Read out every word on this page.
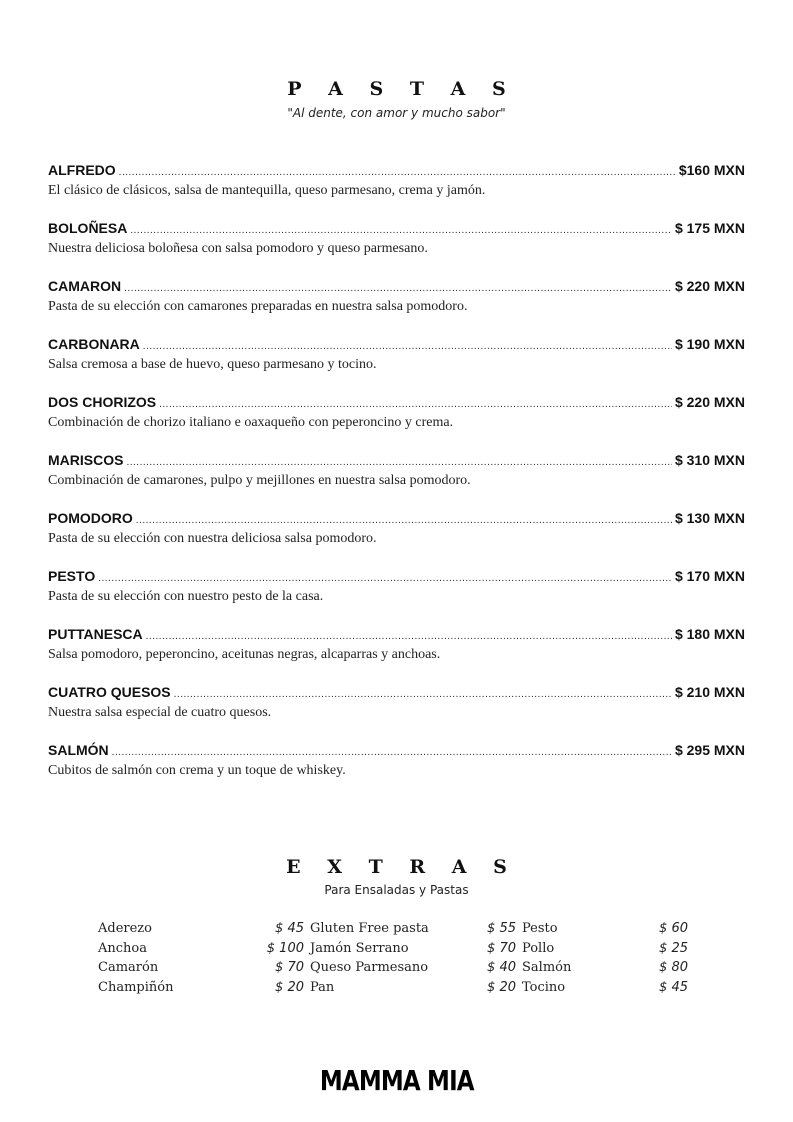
P A S T A S
"Al dente, con amor y mucho sabor"
ALFREDO .....	$160 MXN
El clásico de clásicos, salsa de mantequilla, queso parmesano, crema y jamón.
BOLOÑESA .....	$ 175 MXN
Nuestra deliciosa boloñesa con salsa pomodoro y queso parmesano.
CAMARON .....	$ 220 MXN
Pasta de su elección con camarones preparadas en nuestra salsa pomodoro.
CARBONARA .....	$ 190 MXN
Salsa cremosa a base de huevo, queso parmesano y tocino.
DOS CHORIZOS .....	$ 220 MXN
Combinación de chorizo italiano e oaxaqueño con peperoncino y crema.
MARISCOS .....	$ 310 MXN
Combinación de camarones, pulpo y mejillones en nuestra salsa pomodoro.
POMODORO .....	$ 130 MXN
Pasta de su elección con nuestra deliciosa salsa pomodoro.
PESTO .....	$ 170 MXN
Pasta de su elección con nuestro pesto de la casa.
PUTTANESCA .....	$ 180 MXN
Salsa pomodoro, peperoncino, aceitunas negras, alcaparras y anchoas.
CUATRO QUESOS .....	$ 210 MXN
Nuestra salsa especial de cuatro quesos.
SALMÓN .....	$ 295 MXN
Cubitos de salmón con crema y un toque de whiskey.
E X T R A S
Para Ensaladas y Pastas
Aderezo	$ 45 Gluten Free pasta	$ 55 Pesto	$ 60
Anchoa	$ 100 Jamón Serrano	$ 70 Pollo	$ 25
Camarón	$ 70 Queso Parmesano	$ 40 Salmón	$ 80
Champiñón	$ 20 Pan	$ 20 Tocino	$ 45
MAMMA MIA
